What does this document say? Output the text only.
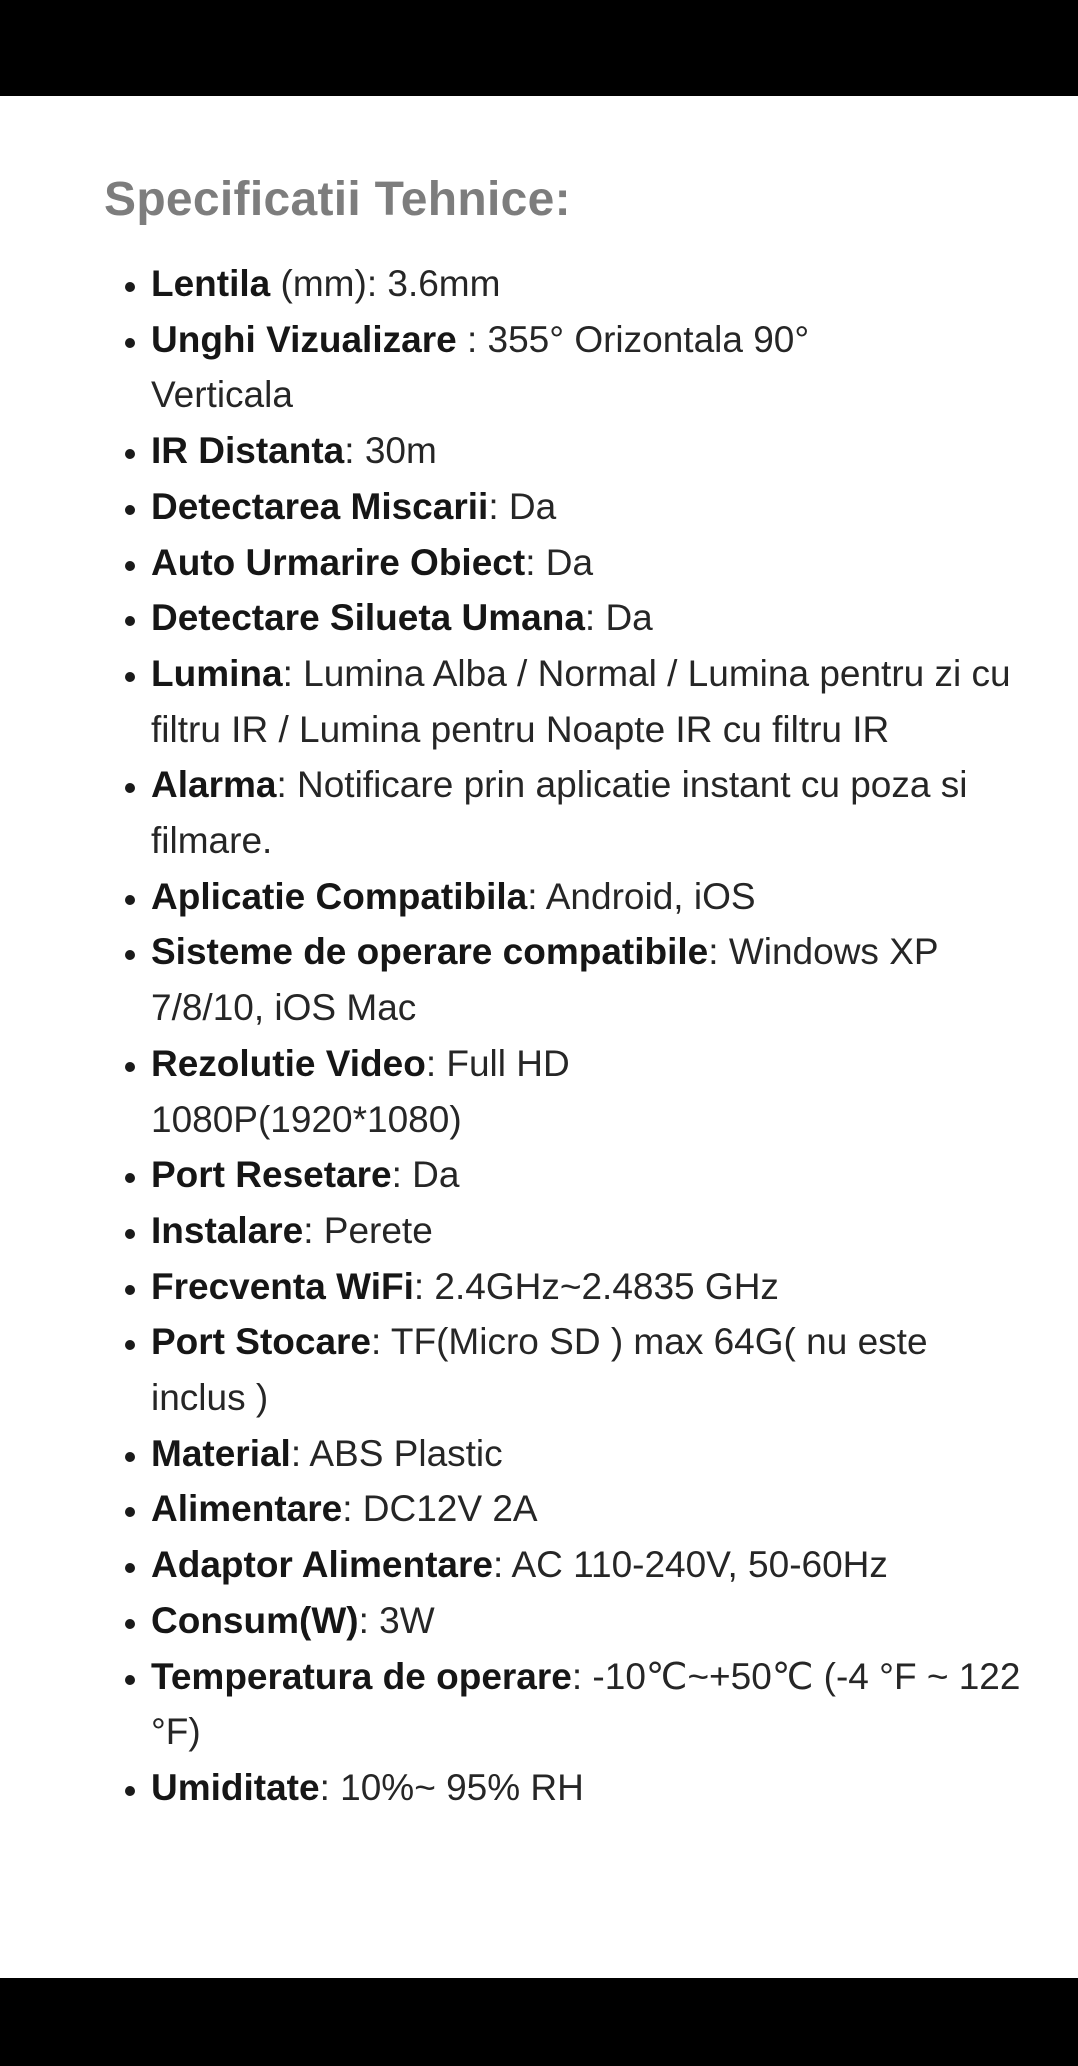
Specificatii Tehnice:
• Lentila (mm): 3.6mm
• Unghi Vizualizare : 355° Orizontala 90° Verticala
• IR Distanta: 30m
• Detectarea Miscarii: Da
• Auto Urmarire Obiect: Da
• Detectare Silueta Umana: Da
• Lumina: Lumina Alba / Normal / Lumina pentru zi cu filtru IR / Lumina pentru Noapte IR cu filtru IR
• Alarma: Notificare prin aplicatie instant cu poza si filmare.
• Aplicatie Compatibila: Android, iOS
• Sisteme de operare compatibile: Windows XP 7/8/10, iOS Mac
• Rezolutie Video: Full HD 1080P(1920*1080)
• Port Resetare: Da
• Instalare: Perete
• Frecventa WiFi: 2.4GHz~2.4835 GHz
• Port Stocare: TF(Micro SD ) max 64G( nu este inclus )
• Material: ABS Plastic
• Alimentare: DC12V 2A
• Adaptor Alimentare: AC 110-240V, 50-60Hz
• Consum(W): 3W
• Temperatura de operare: -10℃~+50℃ (-4 °F ~ 122 °F)
• Umiditate: 10%~ 95% RH
